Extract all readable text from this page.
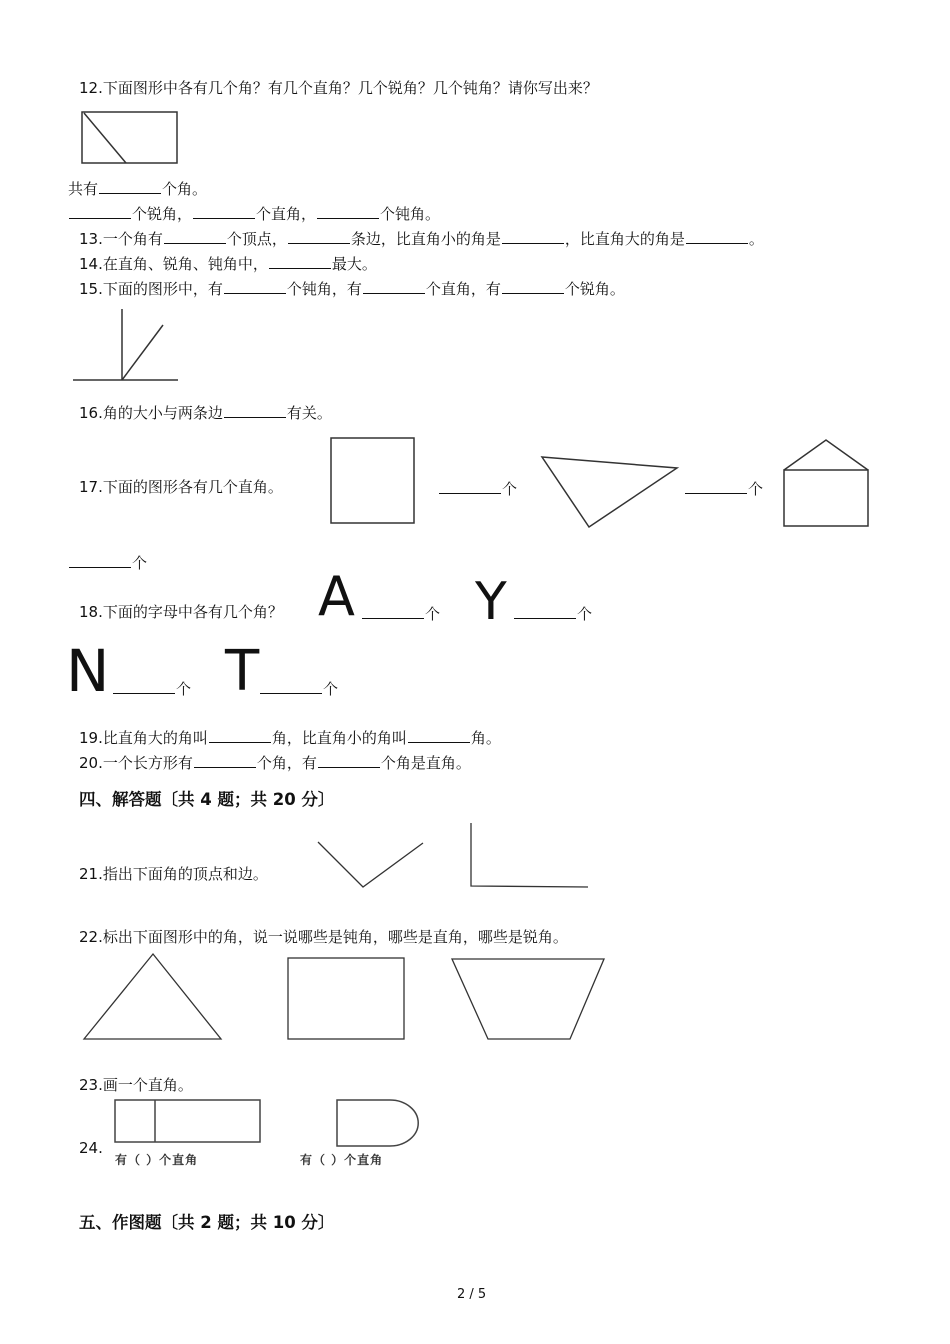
12.下面图形中各有几个角？有几个直角？几个锐角？几个钝角？请你写出来？
共有	个角。
个锐角，	个直角，	个钝角。
13.一个角有	个顶点，	条边，比直角小的角是	，比直角大的角是	。
14.在直角、锐角、钝角中，	最大。
15.下面的图形中，有	个钝角，有	个直角，有	个锐角。
16.角的大小与两条边	有关。
17.下面的图形各有几个直角。	个	个
个
18.下面的字母中各有几个角？ A	个 Y	个
N	个 T	个
19.比直角大的角叫	角，比直角小的角叫	角。
20.一个长方形有	个角，有	个角是直角。
四、解答题〔共 4 题；共 20 分〕
21.指出下面角的顶点和边。
22.标出下面图形中的角，说一说哪些是钝角，哪些是直角，哪些是锐角。
23.画一个直角。
24.
有（ ）个直角	有（ ）个直角
五、作图题〔共 2 题；共 10 分〕
2 / 5
